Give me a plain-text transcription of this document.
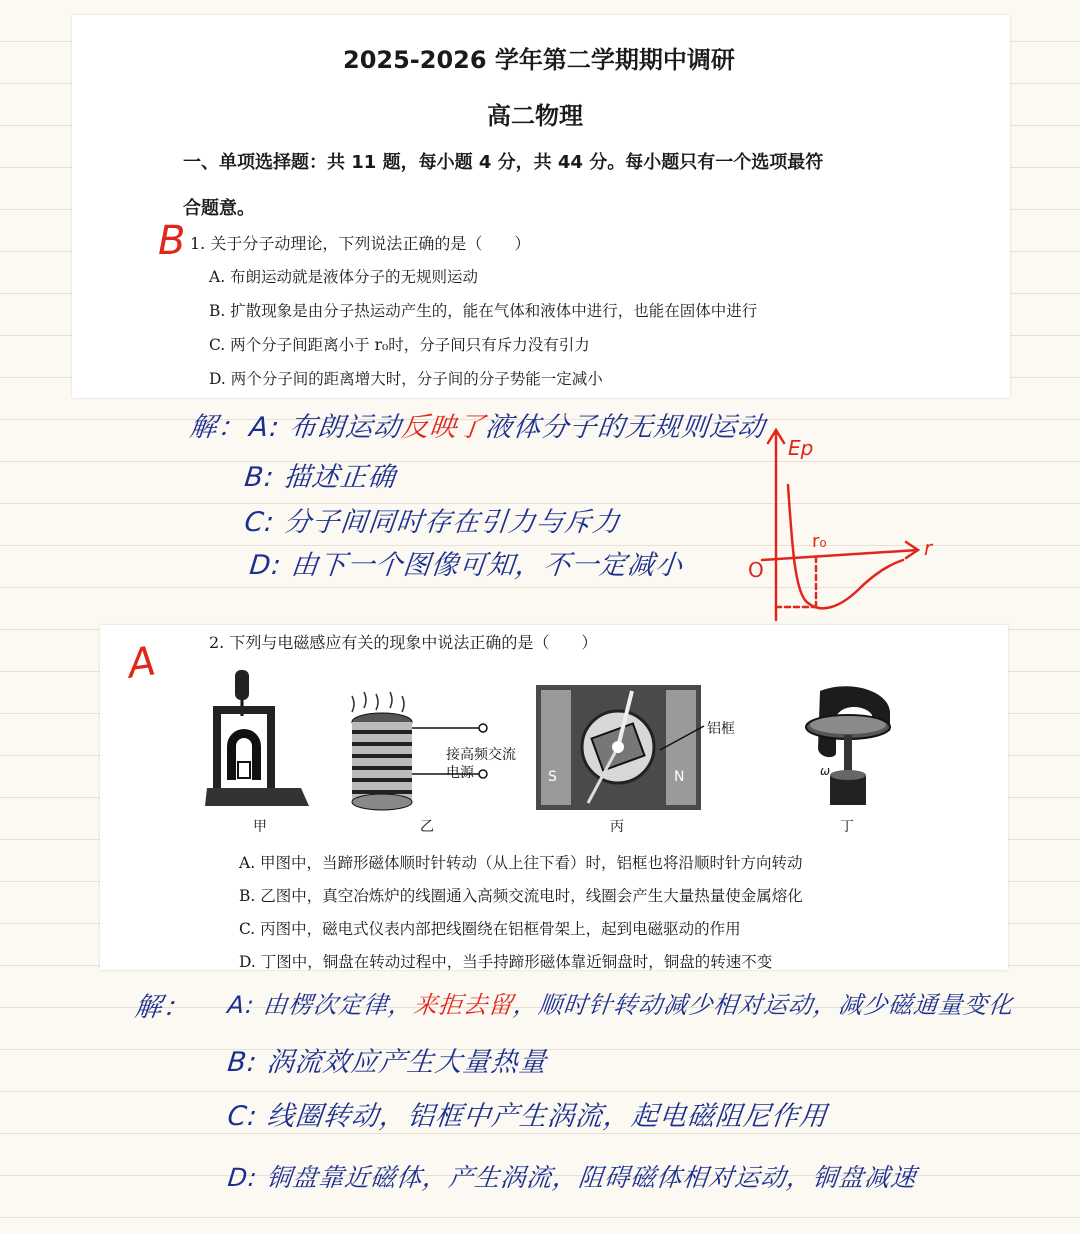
2025-2026 学年第二学期期中调研
高二物理
一、单项选择题：共 11 题，每小题 4 分，共 44 分。每小题只有一个选项最符
合题意。
B 1. 关于分子动理论，下列说法正确的是（　　）
A. 布朗运动就是液体分子的无规则运动
B. 扩散现象是由分子热运动产生的，能在气体和液体中进行，也能在固体中进行
C. 两个分子间距离小于 r₀时，分子间只有斥力没有引力
D. 两个分子间的距离增大时，分子间的分子势能一定减小
解： A: 布朗运动反映了液体分子的无规则运动
B: 描述正确
C: 分子间同时存在引力与斥力
D: 由下一个图像可知，不一定减小
Ep
r
O
r₀
A	2. 下列与电磁感应有关的现象中说法正确的是（　　）
甲
接高频交流电源
乙
S	N
铝框
丙
ω
丁
A. 甲图中，当蹄形磁体顺时针转动（从上往下看）时，铝框也将沿顺时针方向转动
B. 乙图中，真空冶炼炉的线圈通入高频交流电时，线圈会产生大量热量使金属熔化
C. 丙图中，磁电式仪表内部把线圈绕在铝框骨架上，起到电磁驱动的作用
D. 丁图中，铜盘在转动过程中，当手持蹄形磁体靠近铜盘时，铜盘的转速不变
解： A: 由楞次定律，来拒去留，顺时针转动减少相对运动，减少磁通量变化
B: 涡流效应产生大量热量
C: 线圈转动，铝框中产生涡流，起电磁阻尼作用
D: 铜盘靠近磁体，产生涡流，阻碍磁体相对运动，铜盘减速
